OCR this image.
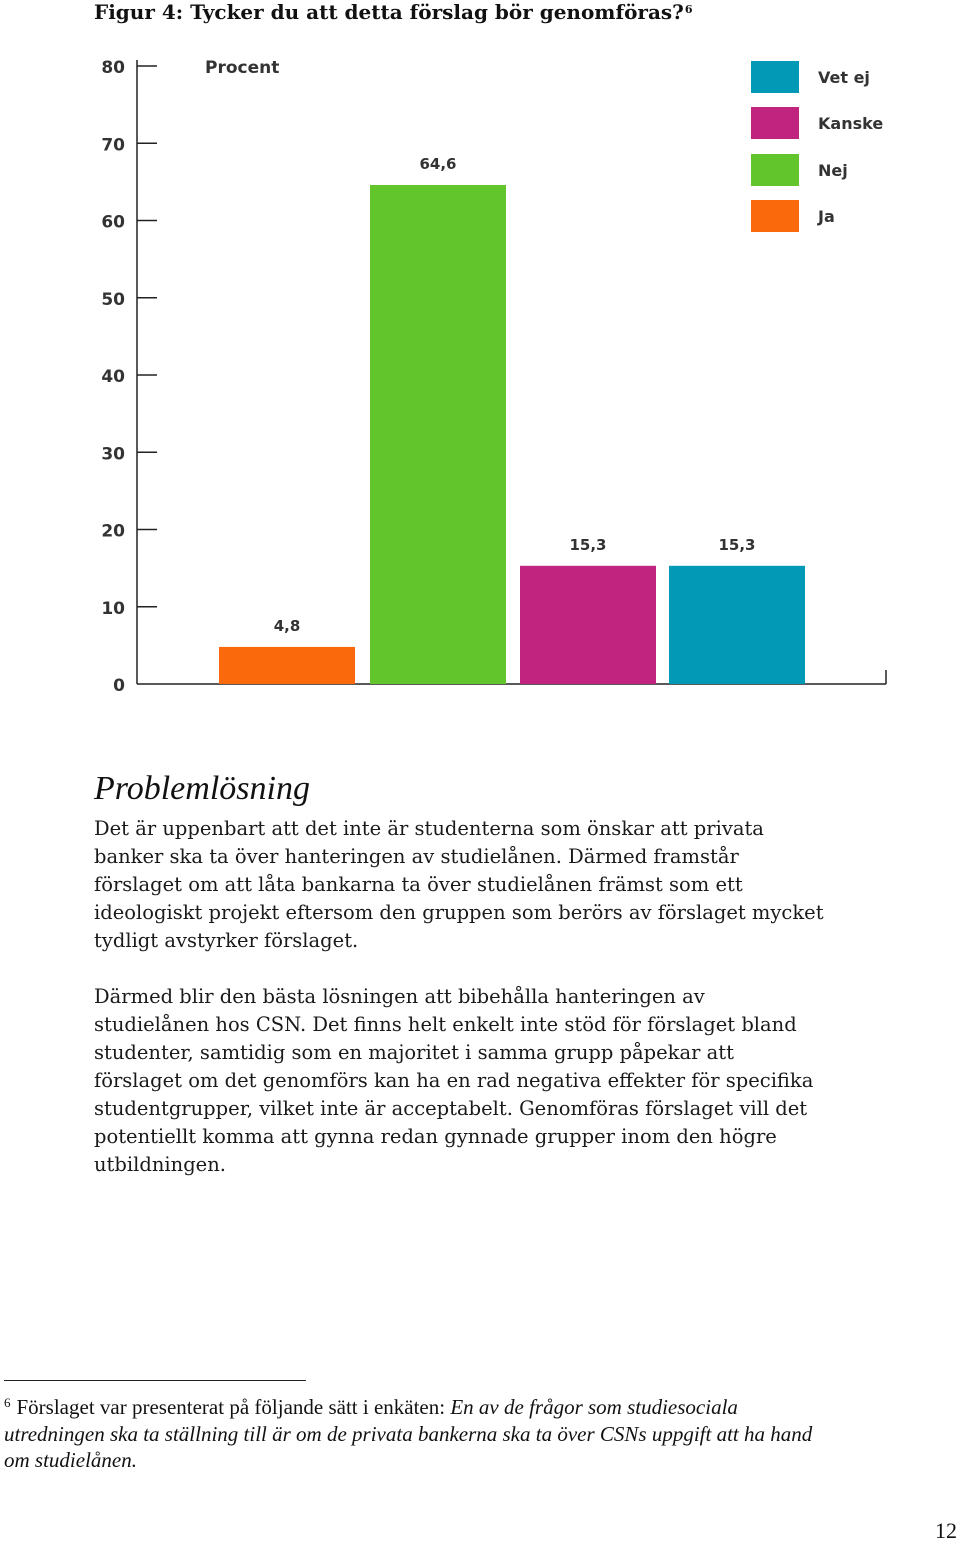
Figur 4: Tycker du att detta förslag bör genomföras?$^6$
Procent
0
10
20
30
40
50
60
70
80
4,8
64,6
15,3	15,3
Vet ej
Kanske
Nej
Ja
Problemlösning
Det är uppenbart att det inte är studenterna som önskar att privata
banker ska ta över hanteringen av studielånen. Därmed framstår
förslaget om att låta bankarna ta över studielånen främst som ett
ideologiskt projekt eftersom den gruppen som berörs av förslaget mycket
tydligt avstyrker förslaget.
Därmed blir den bästa lösningen att bibehålla hanteringen av
studielånen hos CSN. Det finns helt enkelt inte stöd för förslaget bland
studenter, samtidig som en majoritet i samma grupp påpekar att
förslaget om det genomförs kan ha en rad negativa effekter för specifika
studentgrupper, vilket inte är acceptabelt. Genomföras förslaget vill det
potentiellt komma att gynna redan gynnade grupper inom den högre
utbildningen.
$^6$ Förslaget var presenterat på följande sätt i enkäten: En av de frågor som studiesociala
utredningen ska ta ställning till är om de privata bankerna ska ta över CSNs uppgift att ha hand
om studielånen.
12
